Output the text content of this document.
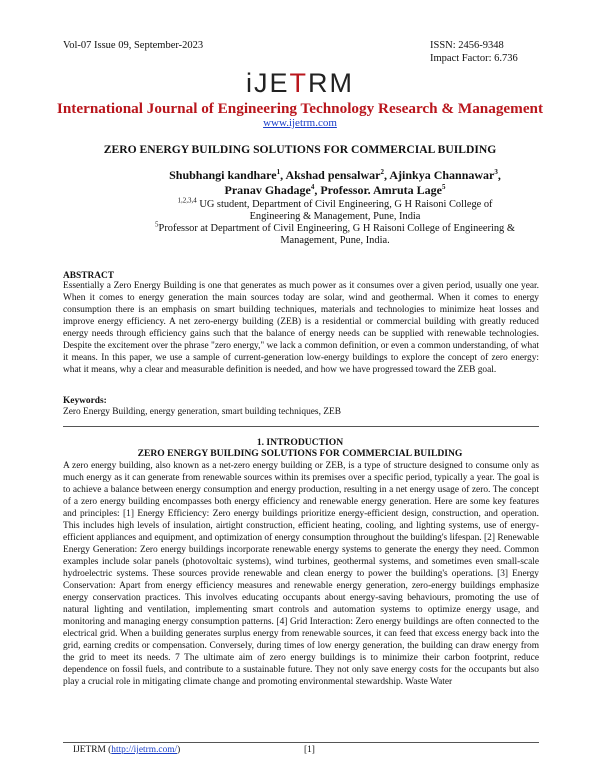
Vol-07 Issue 09, September-2023	ISSN: 2456-9348
Impact Factor: 6.736
iJETRM
International Journal of Engineering Technology Research & Management
www.ijetrm.com
ZERO ENERGY BUILDING SOLUTIONS FOR COMMERCIAL BUILDING
Shubhangi kandhare$^1$, Akshad pensalwar$^2$, Ajinkya Channawar$^3$, Pranav Ghadage$^4$, Professor. Amruta Lage$^5$
$^{1,2,3,4}$ UG student, Department of Civil Engineering, G H Raisoni College of Engineering & Management, Pune, India
$^5$Professor at Department of Civil Engineering, G H Raisoni College of Engineering & Management, Pune, India.
ABSTRACT
Essentially a Zero Energy Building is one that generates as much power as it consumes over a given period, usually one year. When it comes to energy generation the main sources today are solar, wind and geothermal. When it comes to energy consumption there is an emphasis on smart building techniques, materials and technologies to minimize heat losses and improve energy efficiency. A net zero-energy building (ZEB) is a residential or commercial building with greatly reduced energy needs through efficiency gains such that the balance of energy needs can be supplied with renewable technologies. Despite the excitement over the phrase "zero energy," we lack a common definition, or even a common understanding, of what it means. In this paper, we use a sample of current-generation low-energy buildings to explore the concept of zero energy: what it means, why a clear and measurable definition is needed, and how we have progressed toward the ZEB goal.
Keywords:
Zero Energy Building, energy generation, smart building techniques, ZEB
1. INTRODUCTION
ZERO ENERGY BUILDING SOLUTIONS FOR COMMERCIAL BUILDING
A zero energy building, also known as a net-zero energy building or ZEB, is a type of structure designed to consume only as much energy as it can generate from renewable sources within its premises over a specific period, typically a year. The goal is to achieve a balance between energy consumption and energy production, resulting in a net energy usage of zero. The concept of a zero energy building encompasses both energy efficiency and renewable energy generation. Here are some key features and principles: [1] Energy Efficiency: Zero energy buildings prioritize energy-efficient design, construction, and operation. This includes high levels of insulation, airtight construction, efficient heating, cooling, and lighting systems, use of energy-efficient appliances and equipment, and optimization of energy consumption throughout the building's lifespan. [2] Renewable Energy Generation: Zero energy buildings incorporate renewable energy systems to generate the energy they need. Common examples include solar panels (photovoltaic systems), wind turbines, geothermal systems, and sometimes even small-scale hydroelectric systems. These sources provide renewable and clean energy to power the building's operations. [3] Energy Conservation: Apart from energy efficiency measures and renewable energy generation, zero-energy buildings emphasize energy conservation practices. This involves educating occupants about energy-saving behaviours, promoting the use of natural lighting and ventilation, implementing smart controls and automation systems to optimize energy usage, and monitoring and managing energy consumption patterns. [4] Grid Interaction: Zero energy buildings are often connected to the electrical grid. When a building generates surplus energy from renewable sources, it can feed that excess energy back into the grid, earning credits or compensation. Conversely, during times of low energy generation, the building can draw energy from the grid to meet its needs. 7 The ultimate aim of zero energy buildings is to minimize their carbon footprint, reduce dependence on fossil fuels, and contribute to a sustainable future. They not only save energy costs for the occupants but also play a crucial role in mitigating climate change and promoting environmental stewardship. Waste Water
IJETRM (http://ijetrm.com/)	[1]
